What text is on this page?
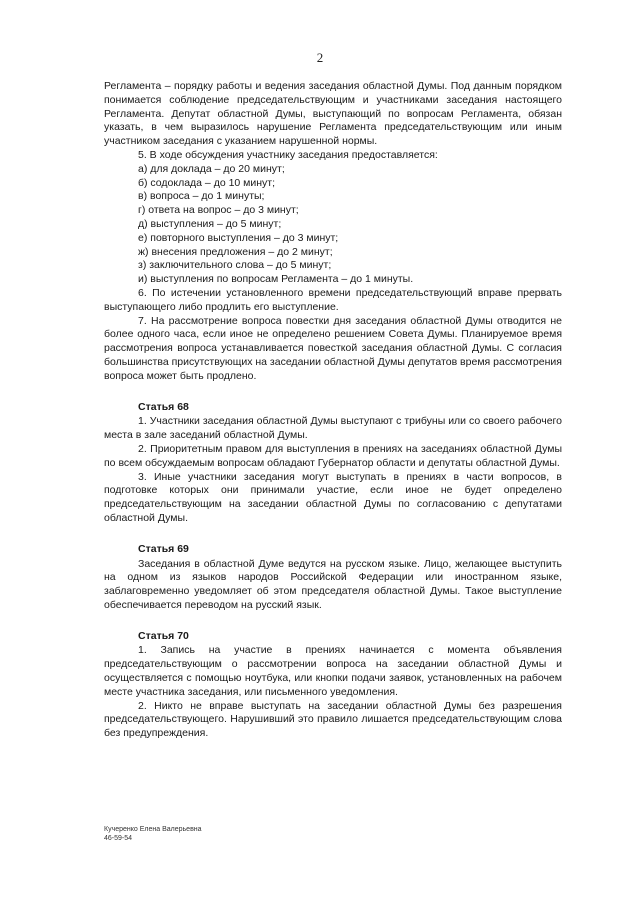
2

Регламента – порядку работы и ведения заседания областной Думы. Под данным порядком понимается соблюдение председательствующим и участниками заседания настоящего Регламента. Депутат областной Думы, выступающий по вопросам Регламента, обязан указать, в чем выразилось нарушение Регламента председательствующим или иным участником заседания с указанием нарушенной нормы.

5. В ходе обсуждения участнику заседания предоставляется:

а) для доклада – до 20 минут;

б) содоклада – до 10 минут;

в) вопроса – до 1 минуты;

г) ответа на вопрос – до 3 минут;

д) выступления – до 5 минут;

е) повторного выступления – до 3 минут;

ж) внесения предложения – до 2 минут;

з) заключительного слова – до 5 минут;

и) выступления по вопросам Регламента – до 1 минуты.

6. По истечении установленного времени председательствующий вправе прервать выступающего либо продлить его выступление.

7. На рассмотрение вопроса повестки дня заседания областной Думы отводится не более одного часа, если иное не определено решением Совета Думы. Планируемое время рассмотрения вопроса устанавливается повесткой заседания областной Думы. С согласия большинства присутствующих на заседании областной Думы депутатов время рассмотрения вопроса может быть продлено.

Статья 68

1. Участники заседания областной Думы выступают с трибуны или со своего рабочего места в зале заседаний областной Думы.

2. Приоритетным правом для выступления в прениях на заседаниях областной Думы по всем обсуждаемым вопросам обладают Губернатор области и депутаты областной Думы.

3. Иные участники заседания могут выступать в прениях в части вопросов, в подготовке которых они принимали участие, если иное не будет определено председательствующим на заседании областной Думы по согласованию с депутатами областной Думы.

Статья 69

Заседания в областной Думе ведутся на русском языке. Лицо, желающее выступить на одном из языков народов Российской Федерации или иностранном языке, заблаговременно уведомляет об этом председателя областной Думы. Такое выступление обеспечивается переводом на русский язык.

Статья 70

1. Запись на участие в прениях начинается с момента объявления председательствующим о рассмотрении вопроса на заседании областной Думы и осуществляется с помощью ноутбука, или кнопки подачи заявок, установленных на рабочем месте участника заседания, или письменного уведомления.

2. Никто не вправе выступать на заседании областной Думы без разрешения председательствующего. Нарушивший это правило лишается председательствующим слова без предупреждения.

Кучеренко Елена Валерьевна
46-59-54
